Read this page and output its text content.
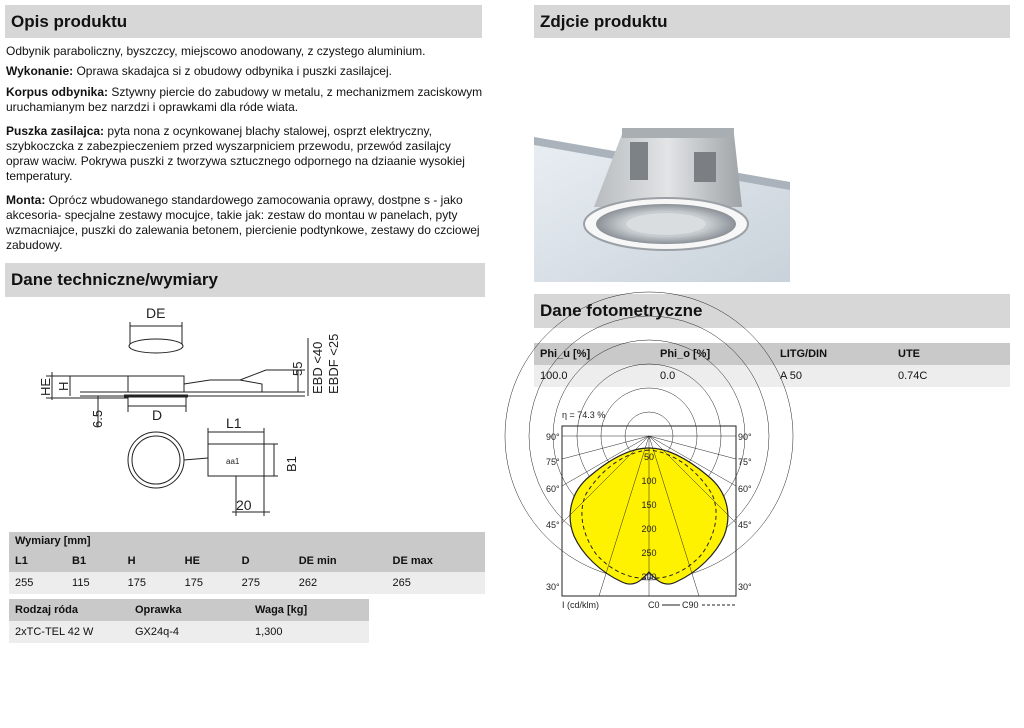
Opis produktu	Zdjcie produktu
Dane techniczne/wymiary
Dane fotometryczne
Odbynik paraboliczny, byszczcy, miejscowo anodowany, z czystego aluminium.
Wykonanie: Oprawa skadajca si z obudowy odbynika i puszki zasilajcej.
Korpus odbynika: Sztywny piercie do zabudowy w metalu, z mechanizmem zaciskowym uruchamianym bez narzdzi i oprawkami dla róde wiata.
Puszka zasilajca: pyta nona z ocynkowanej blachy stalowej, osprzt elektryczny, szybkoczcka z zabezpieczeniem przed wyszarpniciem przewodu, przewód zasilajcy opraw waciw. Pokrywa puszki z tworzywa sztucznego odpornego na dziaanie wysokiej temperatury.
Monta: Oprócz wbudowanego standardowego zamocowania oprawy, dostpne s - jako akcesoria- specjalne zestawy mocujce, takie jak: zestaw do montau w panelach, pyty wzmacniajce, puszki do zalewania betonem, piercienie podtynkowe, zestawy do czciowej zabudowy.
DE
HE H
6.5	D
55 EBD <40 EBDF <25
aa1
L1
B1
20
Wymiary [mm]						
L1	B1	H	HE	D	DE min	DE max
255	115	175	175	275	262	265
Rodzaj róda	Oprawka	Waga [kg]
2xTC-TEL 42 W	GX24q-4	1,300
Phi_u [%]	Phi_o [%]	LITG/DIN	UTE
100.0	0.0	A 50	0.74C
η = 74.3 %
90°	90°
75°	75°
60°	60°
45°	45°
30°	30°
50
100
150
200
250
300
I (cd/klm)	C0 C90
